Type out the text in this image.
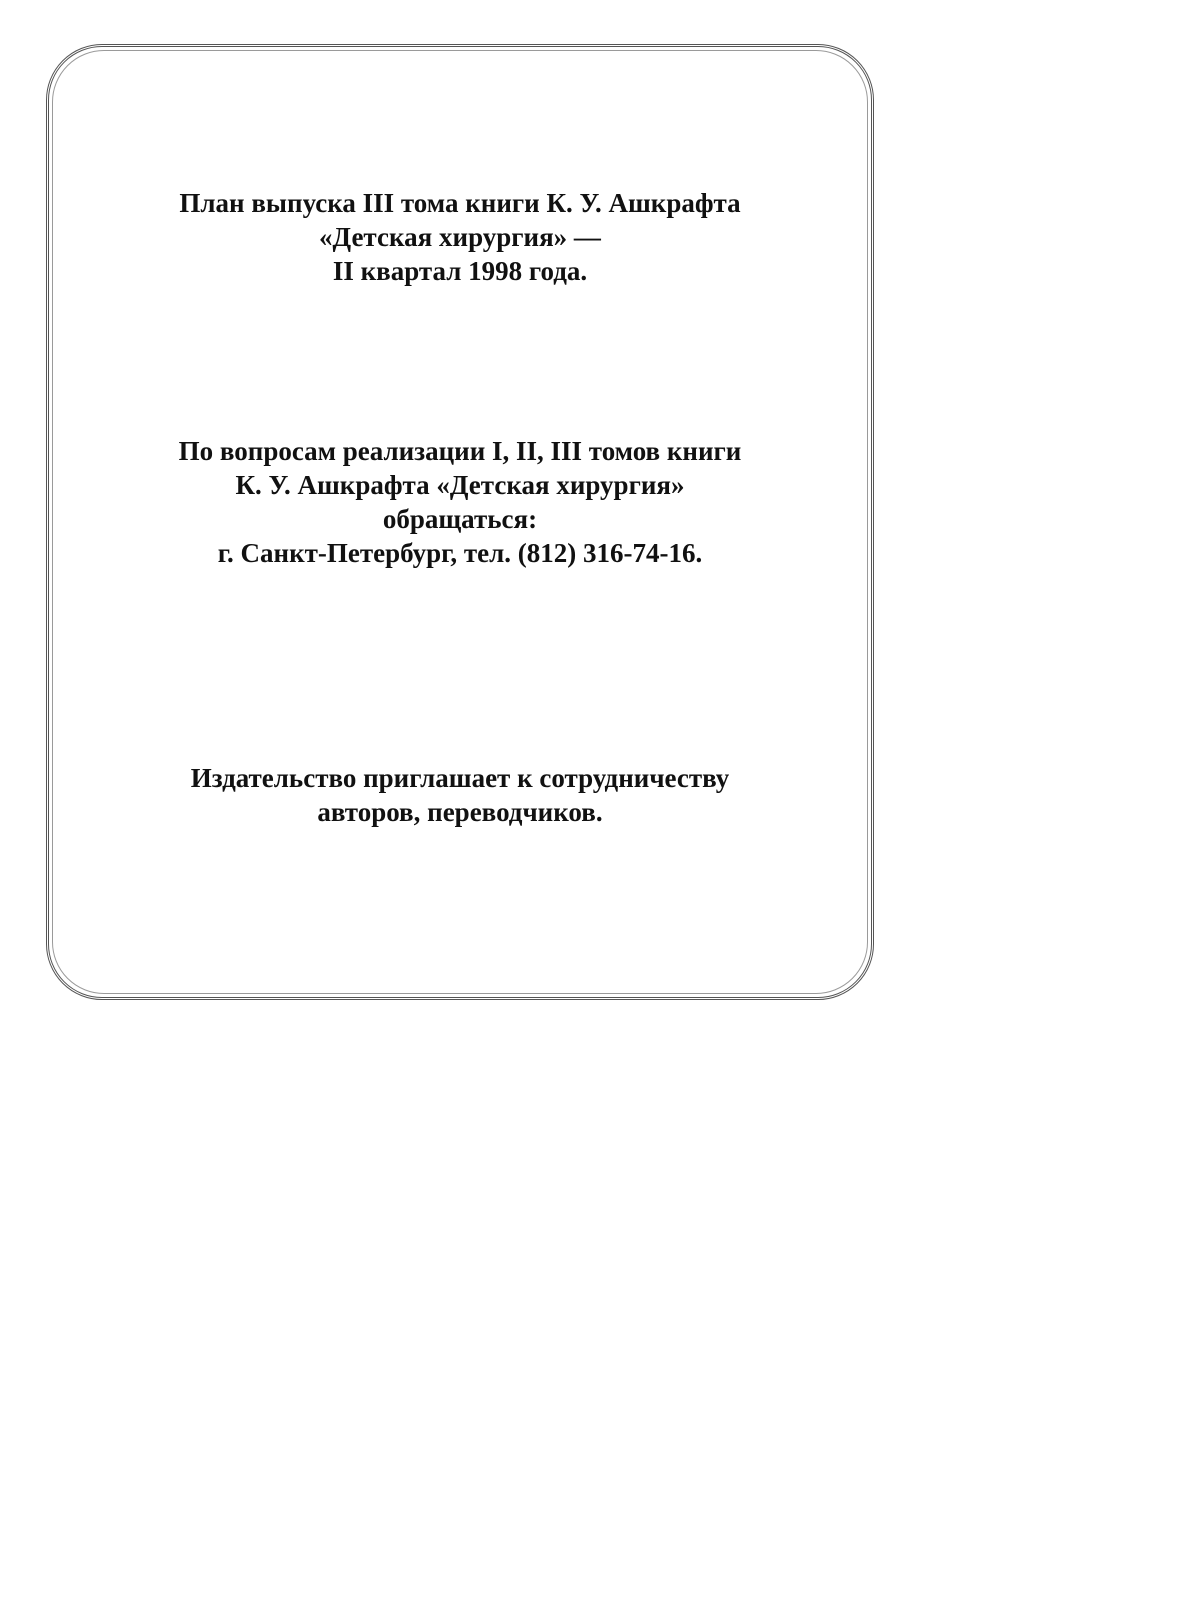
План выпуска III тома книги К. У. Ашкрафта
«Детская хирургия» —
II квартал 1998 года.
По вопросам реализации I, II, III томов книги
К. У. Ашкрафта «Детская хирургия»
обращаться:
г. Санкт-Петербург, тел. (812) 316-74-16.
Издательство приглашает к сотрудничеству
авторов, переводчиков.
